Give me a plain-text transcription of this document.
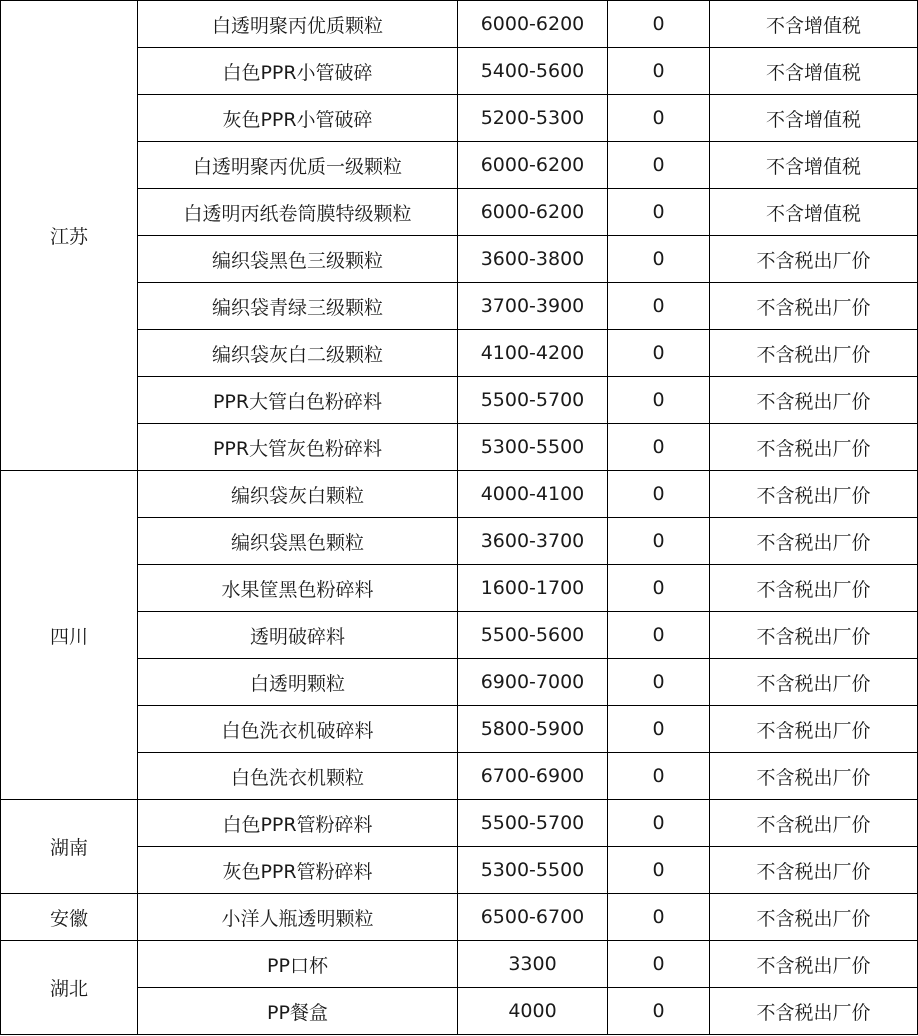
江苏	白透明聚丙优质颗粒	6000-6200	0	不含增值税
	白色PPR小管破碎	5400-5600	0	不含增值税
	灰色PPR小管破碎	5200-5300	0	不含增值税
	白透明聚丙优质一级颗粒	6000-6200	0	不含增值税
	白透明丙纸卷筒膜特级颗粒	6000-6200	0	不含增值税
	编织袋黑色三级颗粒	3600-3800	0	不含税出厂价
	编织袋青绿三级颗粒	3700-3900	0	不含税出厂价
	编织袋灰白二级颗粒	4100-4200	0	不含税出厂价
	PPR大管白色粉碎料	5500-5700	0	不含税出厂价
	PPR大管灰色粉碎料	5300-5500	0	不含税出厂价
四川	编织袋灰白颗粒	4000-4100	0	不含税出厂价
	编织袋黑色颗粒	3600-3700	0	不含税出厂价
	水果筐黑色粉碎料	1600-1700	0	不含税出厂价
	透明破碎料	5500-5600	0	不含税出厂价
	白透明颗粒	6900-7000	0	不含税出厂价
	白色洗衣机破碎料	5800-5900	0	不含税出厂价
	白色洗衣机颗粒	6700-6900	0	不含税出厂价
湖南	白色PPR管粉碎料	5500-5700	0	不含税出厂价
	灰色PPR管粉碎料	5300-5500	0	不含税出厂价
安徽	小洋人瓶透明颗粒	6500-6700	0	不含税出厂价
湖北	PP口杯	3300	0	不含税出厂价
	PP餐盒	4000	0	不含税出厂价
